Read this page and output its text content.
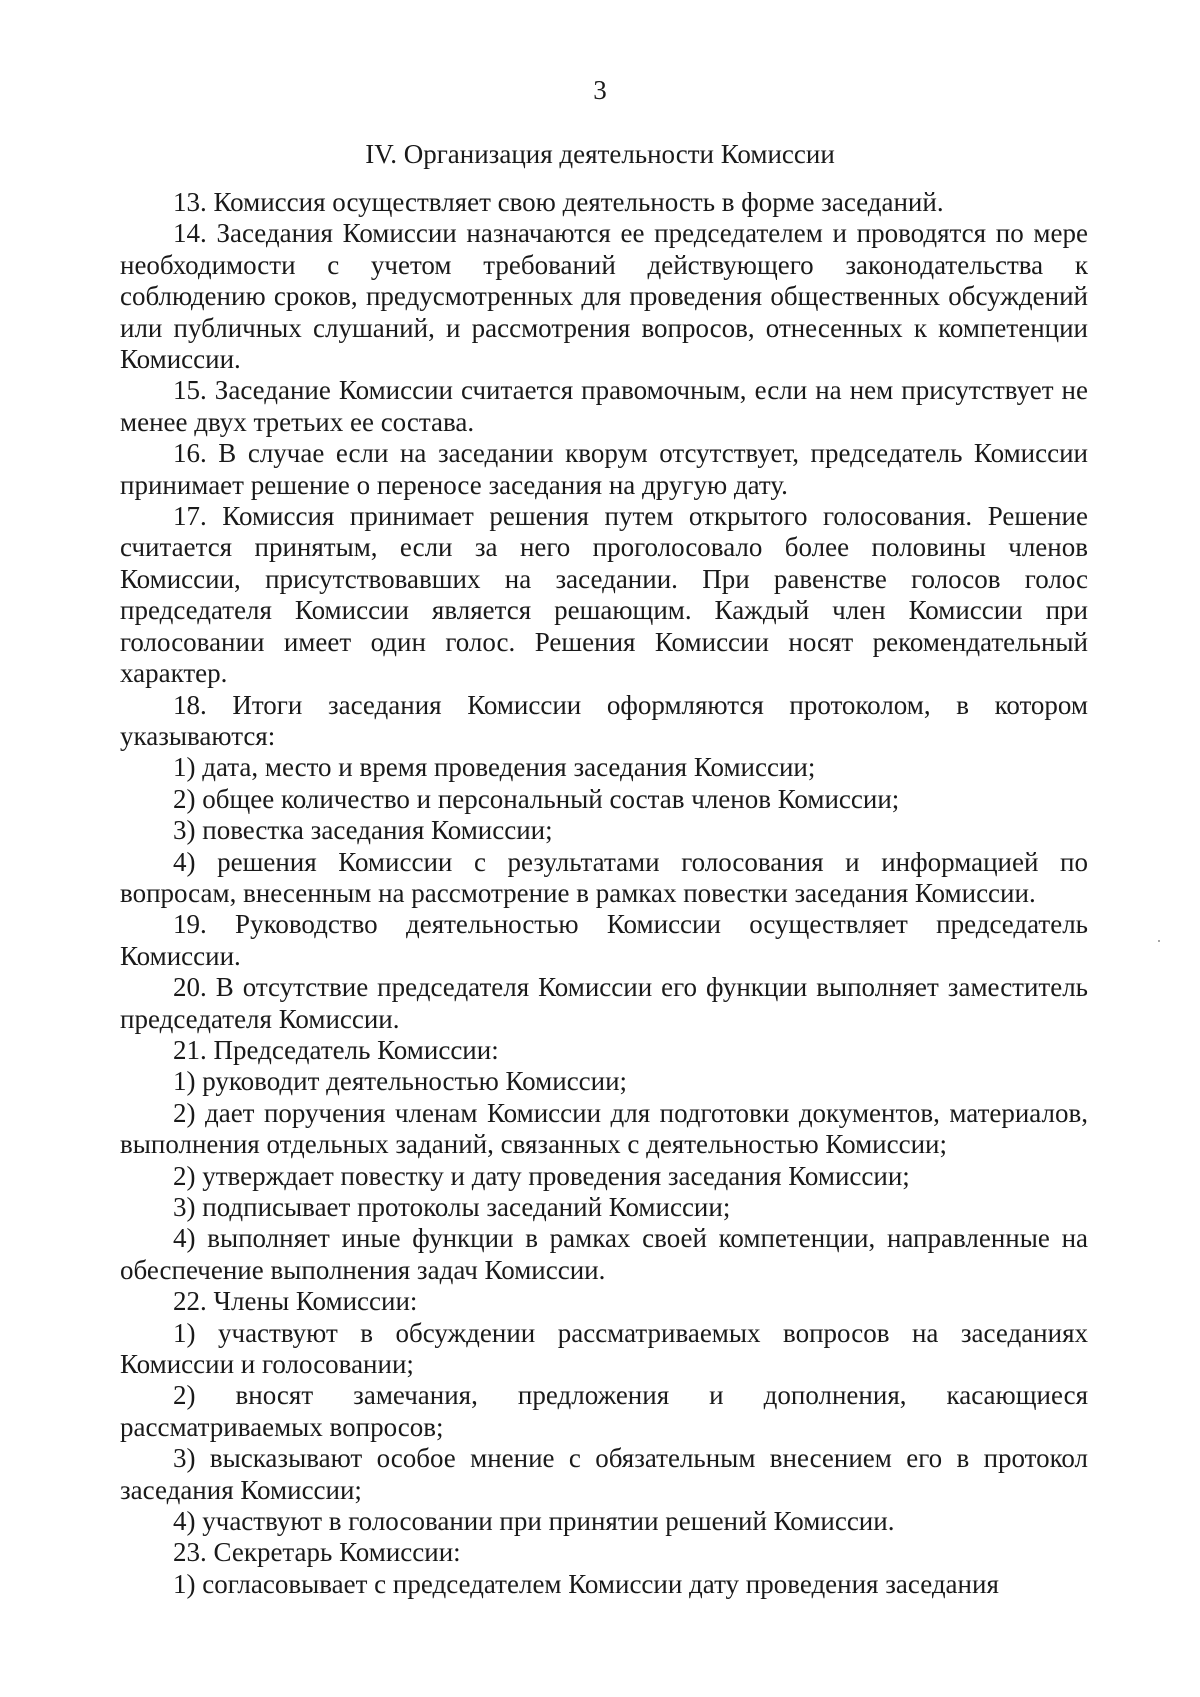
3
IV. Организация деятельности Комиссии

13. Комиссия осуществляет свою деятельность в форме заседаний.

14. Заседания Комиссии назначаются ее председателем и проводятся по мере необходимости с учетом требований действующего законодательства к соблюдению сроков, предусмотренных для проведения общественных обсуждений или публичных слушаний, и рассмотрения вопросов, отнесенных к компетенции Комиссии.

15. Заседание Комиссии считается правомочным, если на нем присутствует не менее двух третьих ее состава.

16. В случае если на заседании кворум отсутствует, председатель Комиссии принимает решение о переносе заседания на другую дату.

17. Комиссия принимает решения путем открытого голосования. Решение считается принятым, если за него проголосовало более половины членов Комиссии, присутствовавших на заседании. При равенстве голосов голос председателя Комиссии является решающим. Каждый член Комиссии при голосовании имеет один голос. Решения Комиссии носят рекомендательный характер.

18. Итоги заседания Комиссии оформляются протоколом, в котором указываются:

1) дата, место и время проведения заседания Комиссии;

2) общее количество и персональный состав членов Комиссии;

3) повестка заседания Комиссии;

4) решения Комиссии с результатами голосования и информацией по вопросам, внесенным на рассмотрение в рамках повестки заседания Комиссии.

19. Руководство деятельностью Комиссии осуществляет председатель Комиссии.

20. В отсутствие председателя Комиссии его функции выполняет заместитель председателя Комиссии.

21. Председатель Комиссии:

1) руководит деятельностью Комиссии;

2) дает поручения членам Комиссии для подготовки документов, материалов, выполнения отдельных заданий, связанных с деятельностью Комиссии;

2) утверждает повестку и дату проведения заседания Комиссии;

3) подписывает протоколы заседаний Комиссии;

4) выполняет иные функции в рамках своей компетенции, направленные на обеспечение выполнения задач Комиссии.

22. Члены Комиссии:

1) участвуют в обсуждении рассматриваемых вопросов на заседаниях Комиссии и голосовании;

2) вносят замечания, предложения и дополнения, касающиеся рассматриваемых вопросов;

3) высказывают особое мнение с обязательным внесением его в протокол заседания Комиссии;

4) участвуют в голосовании при принятии решений Комиссии.

23. Секретарь Комиссии:

1) согласовывает с председателем Комиссии дату проведения заседания
